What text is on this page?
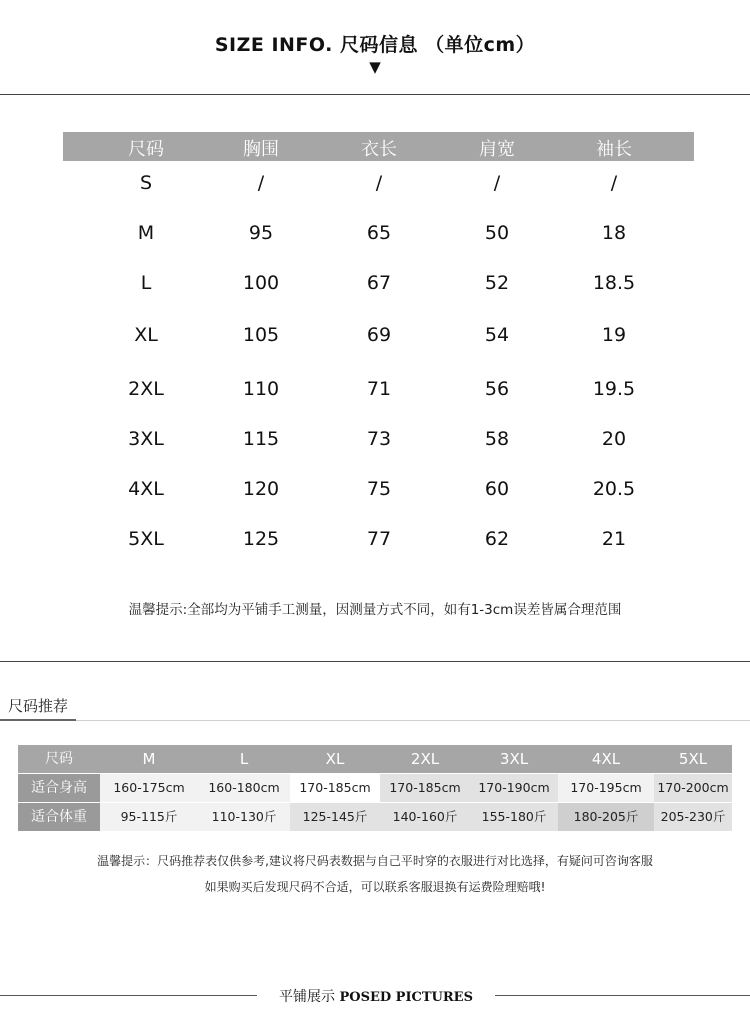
SIZE INFO. 尺码信息 （单位cm）
▼
尺码	胸围	衣长	肩宽	袖长
S	/	/	/	/
M	95	65	50	18
L	100	67	52	18.5
XL	105	69	54	19
2XL	110	71	56	19.5
3XL	115	73	58	20
4XL	120	75	60	20.5
5XL	125	77	62	21
温馨提示:全部均为平铺手工测量，因测量方式不同，如有1-3cm误差皆属合理范围
尺码推荐
尺码	M	L	XL	2XL	3XL	4XL	5XL
适合身高	160-175cm	160-180cm	170-185cm	170-185cm	170-190cm	170-195cm	170-200cm
适合体重	95-115斤	110-130斤	125-145斤	140-160斤	155-180斤	180-205斤	205-230斤
温馨提示：尺码推荐表仅供参考,建议将尺码表数据与自己平时穿的衣服进行对比选择，有疑问可咨询客服
如果购买后发现尺码不合适，可以联系客服退换有运费险理赔哦!
平铺展示 POSED PICTURES
